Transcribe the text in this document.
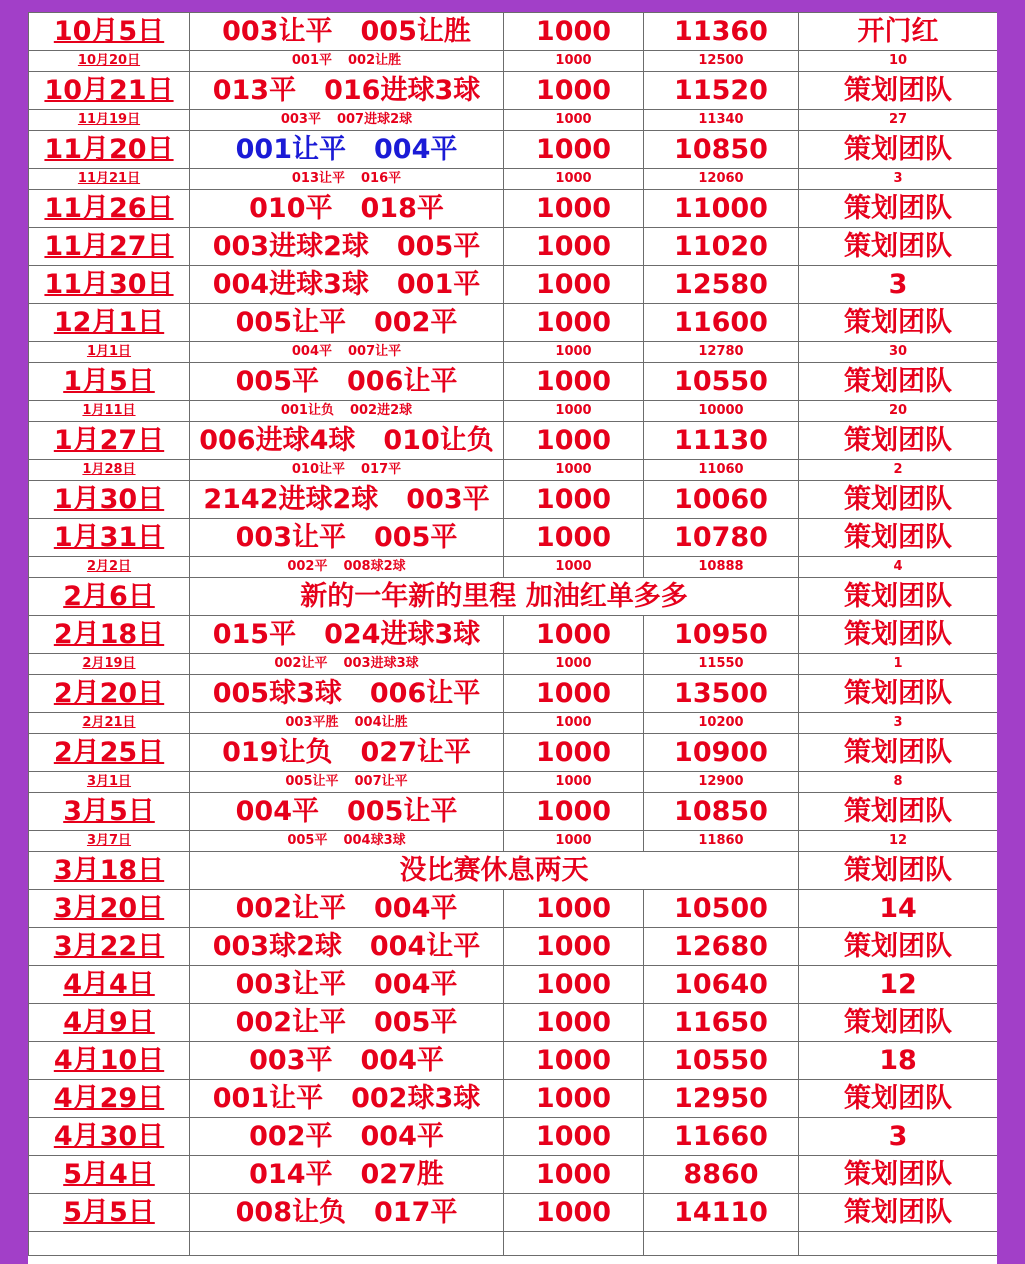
10月5日	003让平 005让胜	1000	11360	开门红
10月20日	001平 002让胜	1000	12500	10
10月21日	013平 016进球3球	1000	11520	策划团队
11月19日	003平 007进球2球	1000	11340	27
11月20日	001让平 004平	1000	10850	策划团队
11月21日	013让平 016平	1000	12060	3
11月26日	010平 018平	1000	11000	策划团队
11月27日	003进球2球 005平	1000	11020	策划团队
11月30日	004进球3球 001平	1000	12580	3
12月1日	005让平 002平	1000	11600	策划团队
1月1日	004平 007让平	1000	12780	30
1月5日	005平 006让平	1000	10550	策划团队
1月11日	001让负 002进2球	1000	10000	20
1月27日	006进球4球 010让负	1000	11130	策划团队
1月28日	010让平 017平	1000	11060	2
1月30日	2142进球2球 003平	1000	10060	策划团队
1月31日	003让平 005平	1000	10780	策划团队
2月2日	002平 008球2球	1000	10888	4
2月6日	新的一年新的里程 加油红单多多			策划团队
2月18日	015平 024进球3球	1000	10950	策划团队
2月19日	002让平 003进球3球	1000	11550	1
2月20日	005球3球 006让平	1000	13500	策划团队
2月21日	003平胜 004让胜	1000	10200	3
2月25日	019让负 027让平	1000	10900	策划团队
3月1日	005让平 007让平	1000	12900	8
3月5日	004平 005让平	1000	10850	策划团队
3月7日	005平 004球3球	1000	11860	12
3月18日	没比赛休息两天			策划团队
3月20日	002让平 004平	1000	10500	14
3月22日	003球2球 004让平	1000	12680	策划团队
4月4日	003让平 004平	1000	10640	12
4月9日	002让平 005平	1000	11650	策划团队
4月10日	003平 004平	1000	10550	18
4月29日	001让平 002球3球	1000	12950	策划团队
4月30日	002平 004平	1000	11660	3
5月4日	014平 027胜	1000	8860	策划团队
5月5日	008让负 017平	1000	14110	策划团队
